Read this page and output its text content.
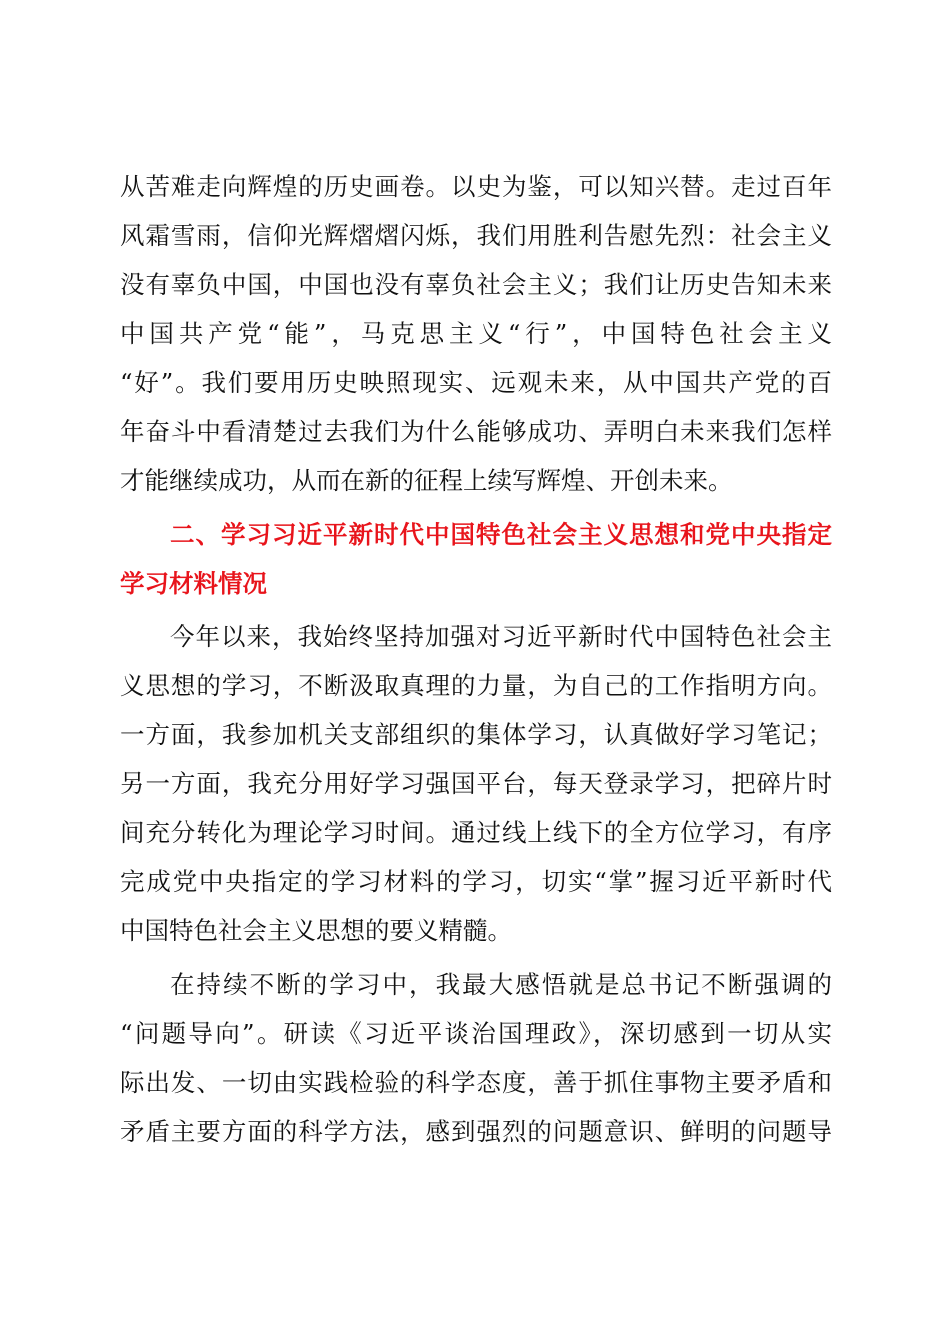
从苦难走向辉煌的历史画卷。以史为鉴，可以知兴替。走过百年
风霜雪雨，信仰光辉熠熠闪烁，我们用胜利告慰先烈：社会主义
没有辜负中国，中国也没有辜负社会主义；我们让历史告知未来
中国共产党“能”，马克思主义“行”，中国特色社会主义
“好”。我们要用历史映照现实、远观未来，从中国共产党的百
年奋斗中看清楚过去我们为什么能够成功、弄明白未来我们怎样
才能继续成功，从而在新的征程上续写辉煌、开创未来。
二、学习习近平新时代中国特色社会主义思想和党中央指定
学习材料情况
今年以来，我始终坚持加强对习近平新时代中国特色社会主
义思想的学习，不断汲取真理的力量，为自己的工作指明方向。
一方面，我参加机关支部组织的集体学习，认真做好学习笔记；
另一方面，我充分用好学习强国平台，每天登录学习，把碎片时
间充分转化为理论学习时间。通过线上线下的全方位学习，有序
完成党中央指定的学习材料的学习，切实“掌”握习近平新时代
中国特色社会主义思想的要义精髓。
在持续不断的学习中，我最大感悟就是总书记不断强调的
“问题导向”。研读《习近平谈治国理政》，深切感到一切从实
际出发、一切由实践检验的科学态度，善于抓住事物主要矛盾和
矛盾主要方面的科学方法，感到强烈的问题意识、鲜明的问题导
